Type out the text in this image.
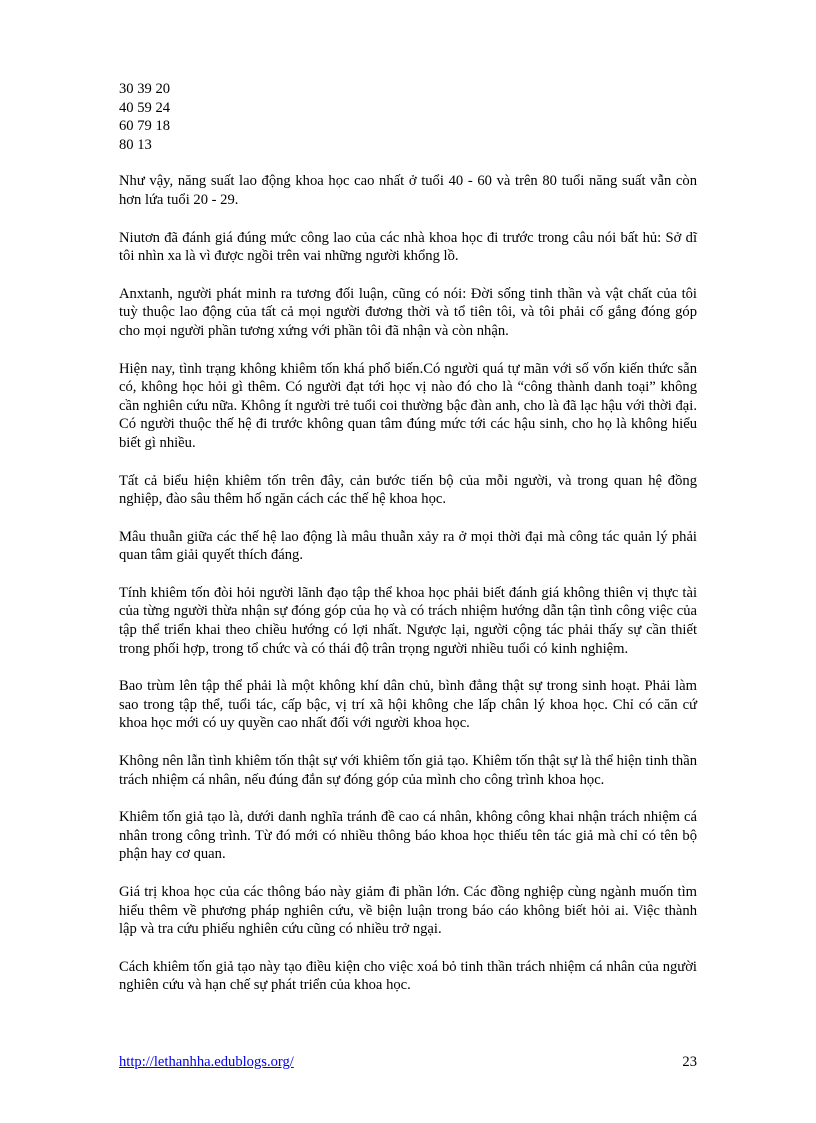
30 39 20
40 59 24
60 79 18
80 13

Như vậy, năng suất lao động khoa học cao nhất ở tuổi 40 - 60 và trên 80 tuổi năng suất vẫn còn hơn lứa tuổi 20 - 29.

Niutơn đã đánh giá đúng mức công lao của các nhà khoa học đi trước trong câu nói bất hủ: Sở dĩ tôi nhìn xa là vì được ngồi trên vai những người khổng lồ.

Anxtanh, người phát minh ra tương đối luận, cũng có nói: Đời sống tinh thần và vật chất của tôi tuỳ thuộc lao động của tất cả mọi người đương thời và tổ tiên tôi, và tôi phải cố gắng đóng góp cho mọi người phần tương xứng với phần tôi đã nhận và còn nhận.

Hiện nay, tình trạng không khiêm tốn khá phổ biến.Có người quá tự mãn với số vốn kiến thức sẵn có, không học hỏi gì thêm. Có người đạt tới học vị nào đó cho là “công thành danh toại” không cần nghiên cứu nữa. Không ít người trẻ tuổi coi thường bậc đàn anh, cho là đã lạc hậu với thời đại. Có người thuộc thế hệ đi trước không quan tâm đúng mức tới các hậu sinh, cho họ là không hiểu biết gì nhiều.

Tất cả biểu hiện khiêm tốn trên đây, cản bước tiến bộ của mỗi người, và trong quan hệ đồng nghiệp, đào sâu thêm hố ngăn cách các thế hệ khoa học.

Mâu thuẫn giữa các thế hệ lao động là mâu thuẫn xảy ra ở mọi thời đại mà công tác quản lý phải quan tâm giải quyết thích đáng.

Tính khiêm tốn đòi hỏi người lãnh đạo tập thể khoa học phải biết đánh giá không thiên vị thực tài của từng người thừa nhận sự đóng góp của họ và có trách nhiệm hướng dẫn tận tình công việc của tập thể triển khai theo chiều hướng có lợi nhất. Ngược lại, người cộng tác phải thấy sự cần thiết trong phối hợp, trong tổ chức và có thái độ trân trọng người nhiều tuổi có kinh nghiệm.

Bao trùm lên tập thể phải là một không khí dân chủ, bình đẳng thật sự trong sinh hoạt. Phải làm sao trong tập thể, tuổi tác, cấp bậc, vị trí xã hội không che lấp chân lý khoa học. Chỉ có căn cứ khoa học mới có uy quyền cao nhất đối với người khoa học.

Không nên lẫn tình khiêm tốn thật sự với khiêm tốn giả tạo. Khiêm tốn thật sự là thể hiện tinh thần trách nhiệm cá nhân, nếu đúng đắn sự đóng góp của mình cho công trình khoa học.

Khiêm tốn giả tạo là, dưới danh nghĩa tránh đề cao cá nhân, không công khai nhận trách nhiệm cá nhân trong công trình. Từ đó mới có nhiều thông báo khoa học thiếu tên tác giả mà chỉ có tên bộ phận hay cơ quan.

Giá trị khoa học của các thông báo này giảm đi phần lớn. Các đồng nghiệp cùng ngành muốn tìm hiểu thêm về phương pháp nghiên cứu, về biện luận trong báo cáo không biết hỏi ai. Việc thành lập và tra cứu phiếu nghiên cứu cũng có nhiều trở ngại.

Cách khiêm tốn giả tạo này tạo điều kiện cho việc xoá bỏ tinh thần trách nhiệm cá nhân của người nghiên cứu và hạn chế sự phát triển của khoa học.

http://lethanhha.edublogs.org/	23
